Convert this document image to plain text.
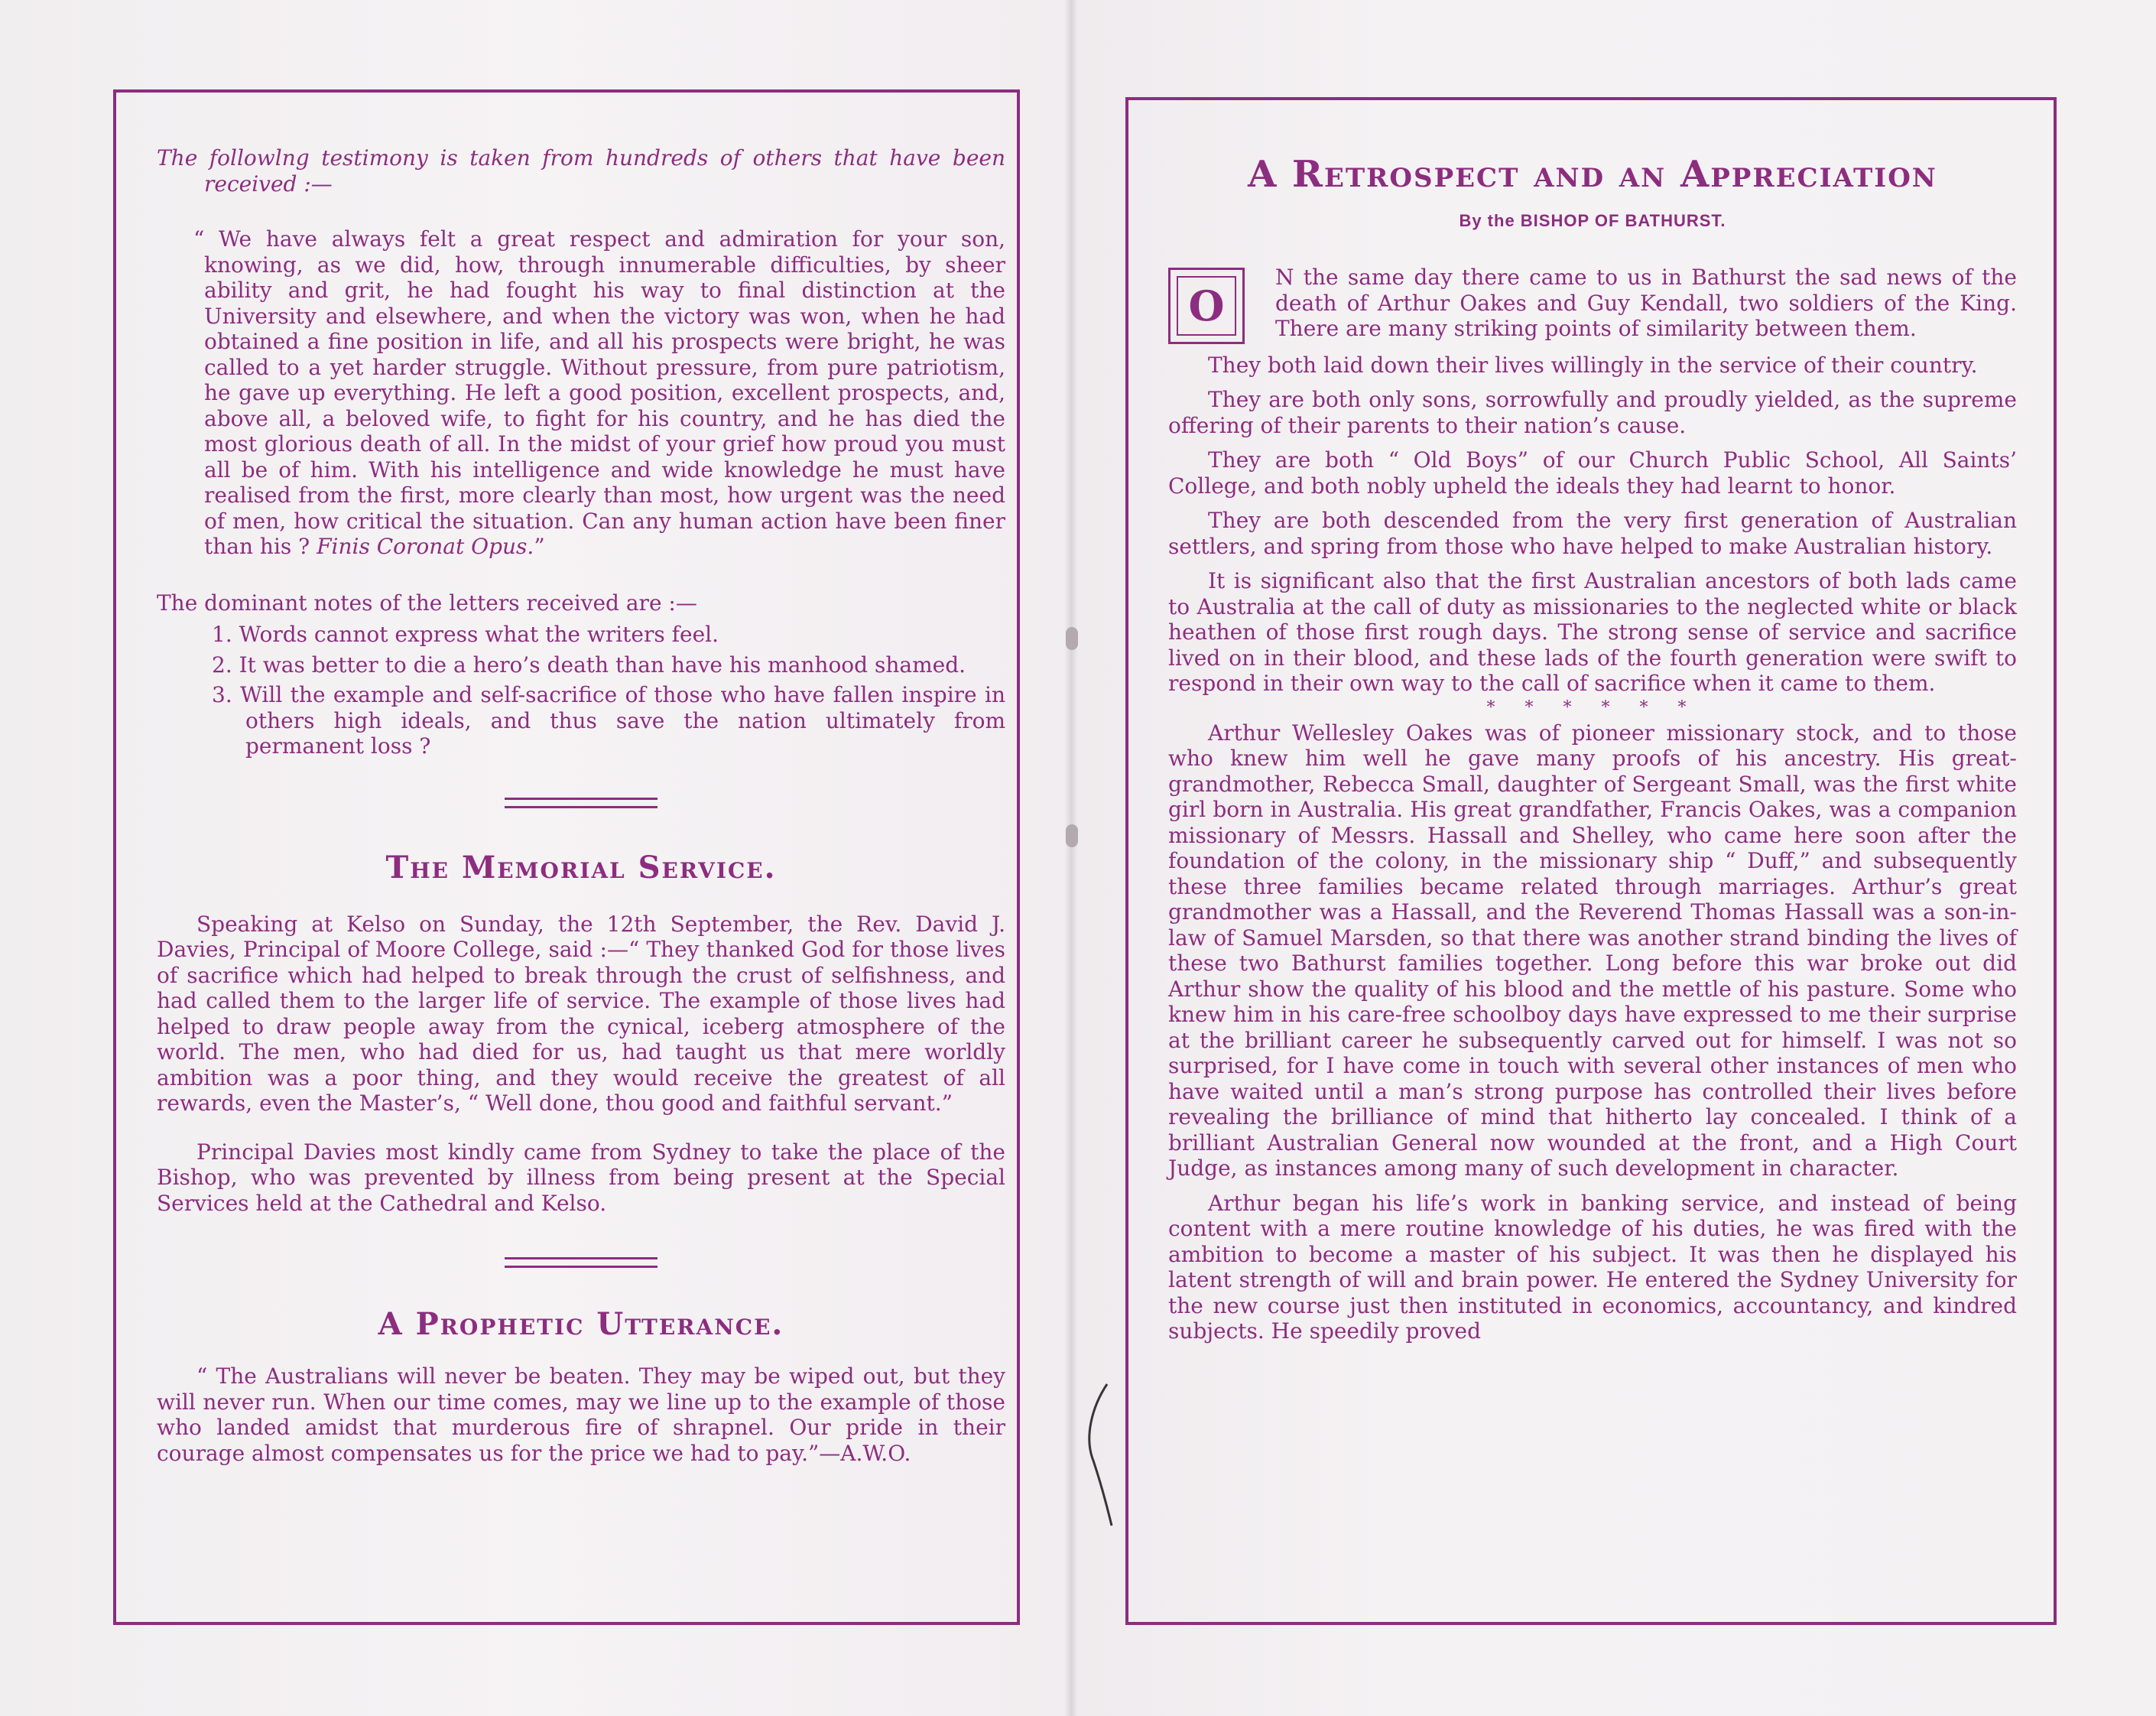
The followlng testimony is taken from hundreds of others that have been received :—

“ We have always felt a great respect and admiration for your son, knowing, as we did, how, through innumerable difficulties, by sheer ability and grit, he had fought his way to final distinction at the University and elsewhere, and when the victory was won, when he had obtained a fine position in life, and all his prospects were bright, he was called to a yet harder struggle. Without pressure, from pure patriotism, he gave up everything. He left a good position, excellent prospects, and, above all, a beloved wife, to fight for his country, and he has died the most glorious death of all. In the midst of your grief how proud you must all be of him. With his intelligence and wide knowledge he must have realised from the first, more clearly than most, how urgent was the need of men, how critical the situation. Can any human action have been finer than his ? Finis Coronat Opus.”

The dominant notes of the letters received are :—

1. Words cannot express what the writers feel.

2. It was better to die a hero’s death than have his manhood shamed.

3. Will the example and self-sacrifice of those who have fallen inspire in others high ideals, and thus save the nation ultimately from permanent loss ?

The Memorial Service.

Speaking at Kelso on Sunday, the 12th September, the Rev. David J. Davies, Principal of Moore College, said :—“ They thanked God for those lives of sacrifice which had helped to break through the crust of selfishness, and had called them to the larger life of service. The example of those lives had helped to draw people away from the cynical, iceberg atmosphere of the world. The men, who had died for us, had taught us that mere worldly ambition was a poor thing, and they would receive the greatest of all rewards, even the Master’s, “ Well done, thou good and faithful servant.”

Principal Davies most kindly came from Sydney to take the place of the Bishop, who was prevented by illness from being present at the Special Services held at the Cathedral and Kelso.

A Prophetic Utterance.

“ The Australians will never be beaten. They may be wiped out, but they will never run. When our time comes, may we line up to the example of those who landed amidst that murderous fire of shrapnel. Our pride in their courage almost compensates us for the price we had to pay.”—A.W.O.

A Retrospect and an Appreciation
By the BISHOP OF BATHURST.
O

N the same day there came to us in Bathurst the sad news of the death of Arthur Oakes and Guy Kendall, two soldiers of the King. There are many striking points of similarity between them.

They both laid down their lives willingly in the service of their country.

They are both only sons, sorrowfully and proudly yielded, as the supreme offering of their parents to their nation’s cause.

They are both “ Old Boys” of our Church Public School, All Saints’ College, and both nobly upheld the ideals they had learnt to honor.

They are both descended from the very first generation of Australian settlers, and spring from those who have helped to make Australian history.

It is significant also that the first Australian ancestors of both lads came to Australia at the call of duty as missionaries to the neglected white or black heathen of those first rough days. The strong sense of service and sacrifice lived on in their blood, and these lads of the fourth generation were swift to respond in their own way to the call of sacrifice when it came to them.

* * * * * *

Arthur Wellesley Oakes was of pioneer missionary stock, and to those who knew him well he gave many proofs of his ancestry. His great-grandmother, Rebecca Small, daughter of Sergeant Small, was the first white girl born in Australia. His great grandfather, Francis Oakes, was a companion missionary of Messrs. Hassall and Shelley, who came here soon after the foundation of the colony, in the missionary ship “ Duff,” and subsequently these three families became related through marriages. Arthur’s great grandmother was a Hassall, and the Reverend Thomas Hassall was a son-in-law of Samuel Marsden, so that there was another strand binding the lives of these two Bathurst families together. Long before this war broke out did Arthur show the quality of his blood and the mettle of his pasture. Some who knew him in his care-free schoolboy days have expressed to me their surprise at the brilliant career he subsequently carved out for himself. I was not so surprised, for I have come in touch with several other instances of men who have waited until a man’s strong purpose has controlled their lives before revealing the brilliance of mind that hitherto lay concealed. I think of a brilliant Australian General now wounded at the front, and a High Court Judge, as instances among many of such development in character.

Arthur began his life’s work in banking service, and instead of being content with a mere routine knowledge of his duties, he was fired with the ambition to become a master of his subject. It was then he displayed his latent strength of will and brain power. He entered the Sydney University for the new course just then instituted in economics, accountancy, and kindred subjects. He speedily proved
